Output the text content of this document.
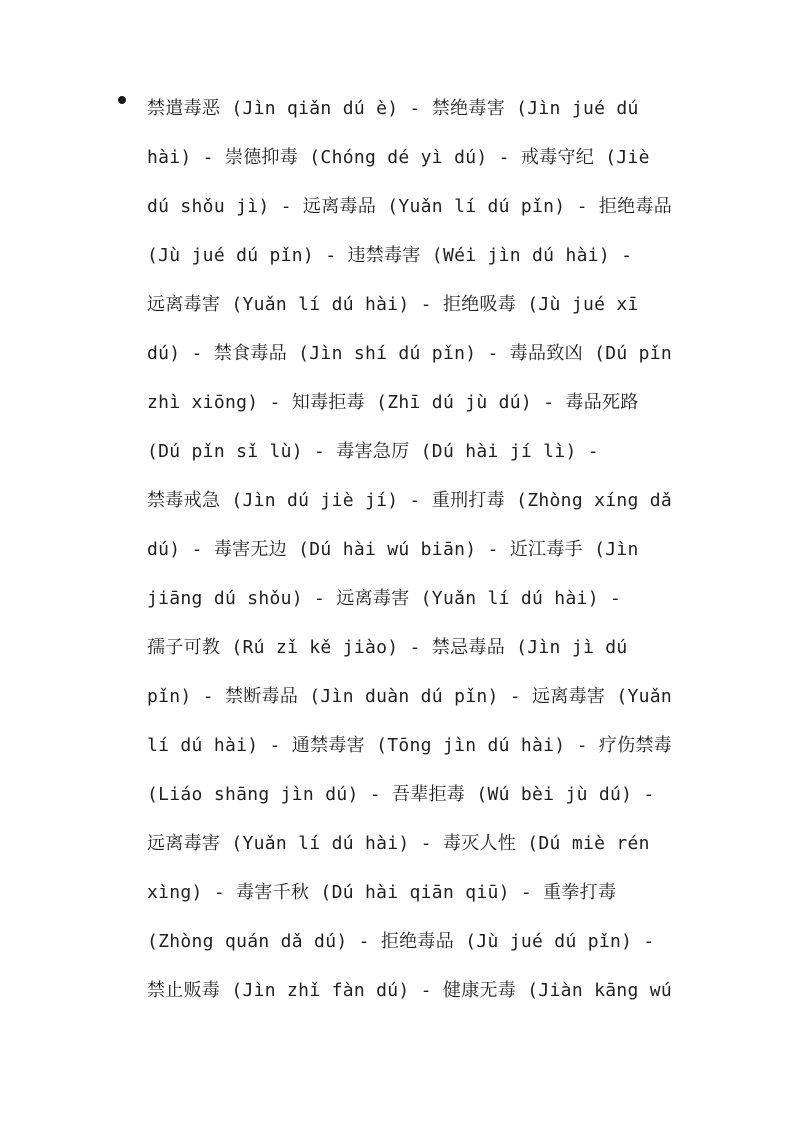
禁遣毒恶 (Jìn qiǎn dú è) - 禁绝毒害 (Jìn jué dú
hài) - 崇德抑毒 (Chóng dé yì dú) - 戒毒守纪 (Jiè
dú shǒu jì) - 远离毒品 (Yuǎn lí dú pǐn) - 拒绝毒品
(Jù jué dú pǐn) - 违禁毒害 (Wéi jìn dú hài) -
远离毒害 (Yuǎn lí dú hài) - 拒绝吸毒 (Jù jué xī
dú) - 禁食毒品 (Jìn shí dú pǐn) - 毒品致凶 (Dú pǐn
zhì xiōng) - 知毒拒毒 (Zhī dú jù dú) - 毒品死路
(Dú pǐn sǐ lù) - 毒害急厉 (Dú hài jí lì) -
禁毒戒急 (Jìn dú jiè jí) - 重刑打毒 (Zhòng xíng dǎ
dú) - 毒害无边 (Dú hài wú biān) - 近江毒手 (Jìn
jiāng dú shǒu) - 远离毒害 (Yuǎn lí dú hài) -
孺子可教 (Rú zǐ kě jiào) - 禁忌毒品 (Jìn jì dú
pǐn) - 禁断毒品 (Jìn duàn dú pǐn) - 远离毒害 (Yuǎn
lí dú hài) - 通禁毒害 (Tōng jìn dú hài) - 疗伤禁毒
(Liáo shāng jìn dú) - 吾辈拒毒 (Wú bèi jù dú) -
远离毒害 (Yuǎn lí dú hài) - 毒灭人性 (Dú miè rén
xìng) - 毒害千秋 (Dú hài qiān qiū) - 重拳打毒
(Zhòng quán dǎ dú) - 拒绝毒品 (Jù jué dú pǐn) -
禁止贩毒 (Jìn zhǐ fàn dú) - 健康无毒 (Jiàn kāng wú
